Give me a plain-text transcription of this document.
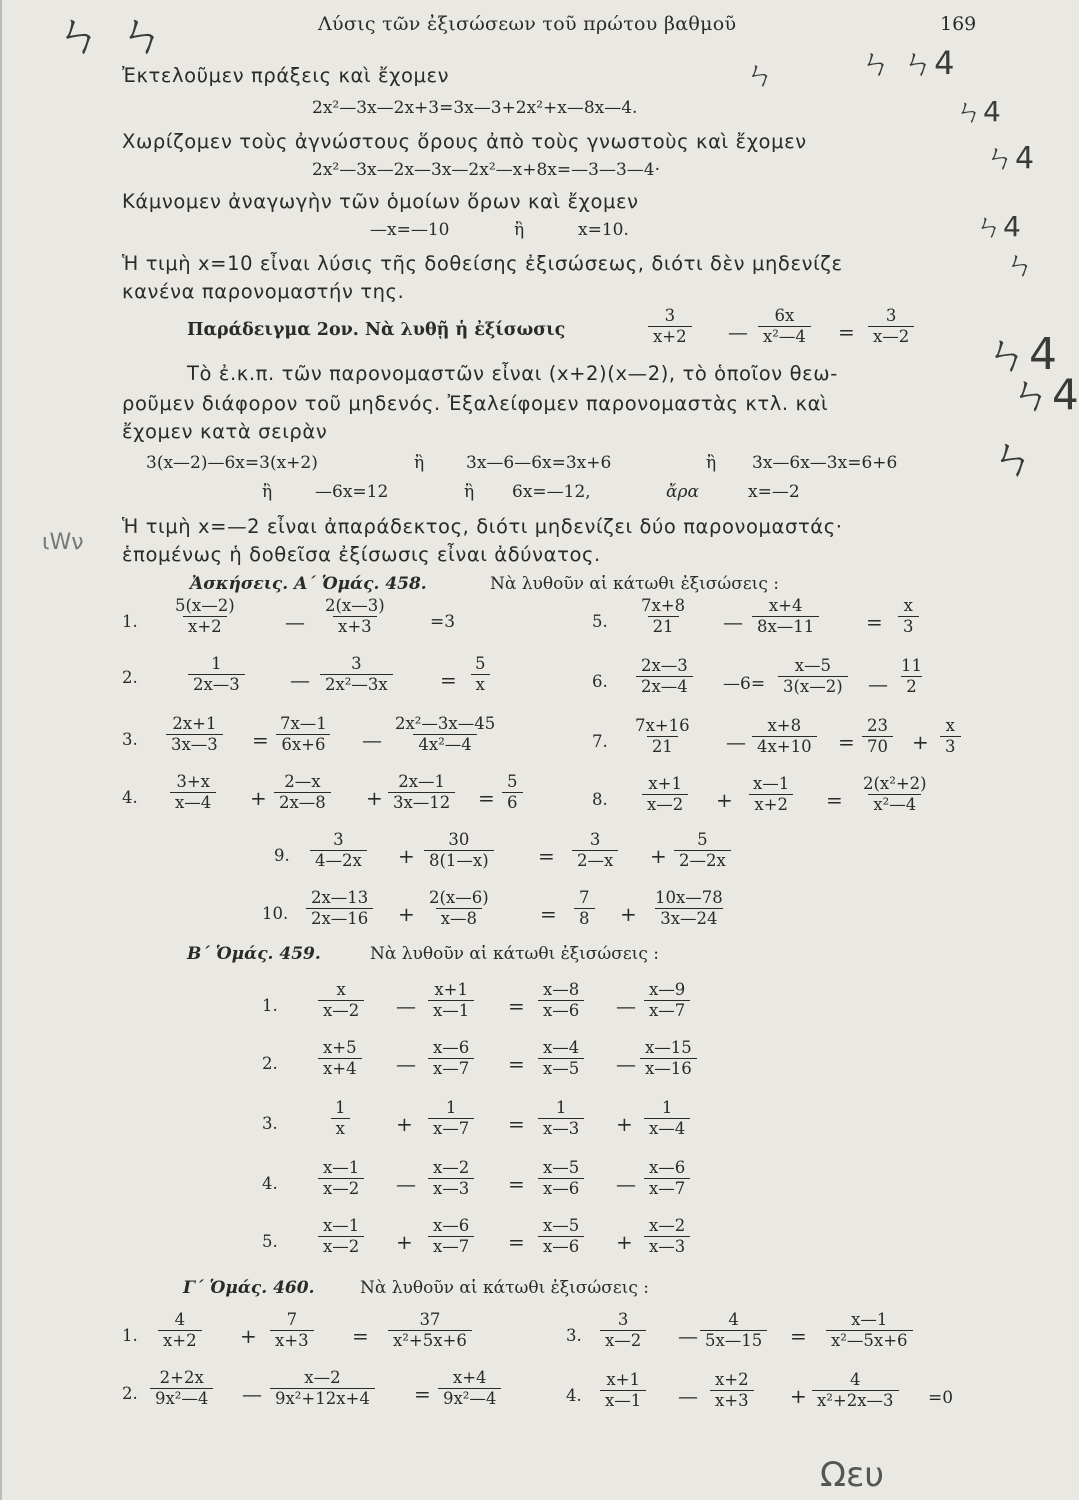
Λύσις τῶν ἐξισώσεων τοῦ πρώτου βαθμοῦ	169
ㄣ ㄣ
ㄣ	ㄣ ㄣ4
ㄣ4
ㄣ4
ㄣ4
ㄣ
ㄣ4
ㄣ4
ㄣ
ιWν
Ωευ
Ἐκτελοῦμεν πράξεις καὶ ἔχομεν
2x²—3x—2x+3=3x—3+2x²+x—8x—4.
Χωρίζομεν τοὺς ἀγνώστους ὅρους ἀπὸ τοὺς γνωστοὺς καὶ ἔχομεν
2x²—3x—2x—3x—2x²—x+8x=—3—3—4·
Κάμνομεν ἀναγωγὴν τῶν ὁμοίων ὅρων καὶ ἔχομεν
—x=—10	ἢ	x=10.
Ἡ τιμὴ x=10 εἶναι λύσις τῆς δοθείσης ἐξισώσεως, διότι δὲν μηδενίζε
κανένα παρονομαστήν της.
Παράδειγμα 2ον. Νὰ λυθῇ ἡ ἐξίσωσις	$\frac{3}{x+2}$ — $\frac{6x}{\text{x²—4}} = \frac{3}{x—2}$
Τὸ ἐ.κ.π. τῶν παρονομαστῶν εἶναι (x+2)(x—2), τὸ ὁποῖον θεω-
ροῦμεν διάφορον τοῦ μηδενός. Ἐξαλείφομεν παρονομαστὰς κτλ. καὶ
ἔχομεν κατὰ σειρὰν
3(x—2)—6x=3(x+2)	ἢ 3x—6—6x=3x+6	ἢ 3x—6x—3x=6+6
ἢ	—6x=12	ἢ 6x=—12,	ἄρα	x=—2
Ἡ τιμὴ x=—2 εἶναι ἀπαράδεκτος, διότι μηδενίζει δύο παρονομαστάς·
ἑπομένως ἡ δοθεῖσα ἐξίσωσις εἶναι ἀδύνατος.
Ἀσκήσεις. Α΄ Ὁμάς. 458.	Νὰ λυθοῦν αἱ κάτωθι ἐξισώσεις :
1. $\frac{5(x—2)}{x+2}$ — $\frac{2(x—3)}{x+3} =3$
2.	$\frac{1}{2x—3}$ — $\frac{3}{\text{2x²—3x}} = \frac{5}{x}$
3. $\frac{2x+1}{3x—3} = \frac{7x—1}{6x+6}$ — $\frac{\text{2x²—3x—45}}{\text{4x²—4}}$
4. $\frac{3+x}{x—4} + \frac{2—x}{2x—8} + \frac{2x—1}{3x—12} = \frac{5}{6}$
5. $\frac{7x+8}{21}$ — $\frac{x+4}{8x—11} = \frac{x}{3}$
6. $\frac{2x—3}{2x—4}$ —6= $\frac{x—5}{3(x—2)}$ — $\frac{11}{2}$
7. $\frac{7x+16}{21}$ — $\frac{x+8}{4x+10} = \frac{23}{70} + \frac{x}{3}$
8. $\frac{x+1}{x—2} + \frac{x—1}{x+2} = \frac{\text{2(x²+2)}}{\text{x²—4}}$
9. $\frac{3}{4—2x} + \frac{30}{8(1—x)} = \frac{3}{2—x} + \frac{5}{2—2x}$
10. $\frac{2x—13}{2x—16} + \frac{2(x—6)}{x—8} = \frac{7}{8} + \frac{10x—78}{3x—24}$
Β΄ Ὁμάς. 459.	Νὰ λυθοῦν αἱ κάτωθι ἐξισώσεις :
1. $\frac{x}{x—2}$ — $\frac{x+1}{x—1} = \frac{x—8}{x—6}$ — $\frac{x—9}{x—7}$
2. $\frac{x+5}{x+4}$ — $\frac{x—6}{x—7} = \frac{x—4}{x—5}$ — $\frac{x—15}{x—16}$
3.	$\frac{1}{x} + \frac{1}{x—7} = \frac{1}{x—3} + \frac{1}{x—4}$
4. $\frac{x—1}{x—2}$ — $\frac{x—2}{x—3} = \frac{x—5}{x—6}$ — $\frac{x—6}{x—7}$
5. $\frac{x—1}{x—2} + \frac{x—6}{x—7} = \frac{x—5}{x—6} + \frac{x—2}{x—3}$
Γ΄ Ὁμάς. 460.	Νὰ λυθοῦν αἱ κάτωθι ἐξισώσεις :
1. $\frac{4}{x+2} + \frac{7}{x+3} = \frac{37}{\text{x²+5x+6}}$
2. $\frac{2+2x}{\text{9x²—4}}$ — $\frac{x—2}{\text{9x²+12x+4}} = \frac{x+4}{\text{9x²—4}}$
3. $\frac{3}{x—2}$ — $\frac{4}{5x—15} = \frac{x—1}{\text{x²—5x+6}}$
4. $\frac{x+1}{x—1}$ — $\frac{x+2}{x+3} + \frac{4}{\text{x²+2x—3}} =0$
